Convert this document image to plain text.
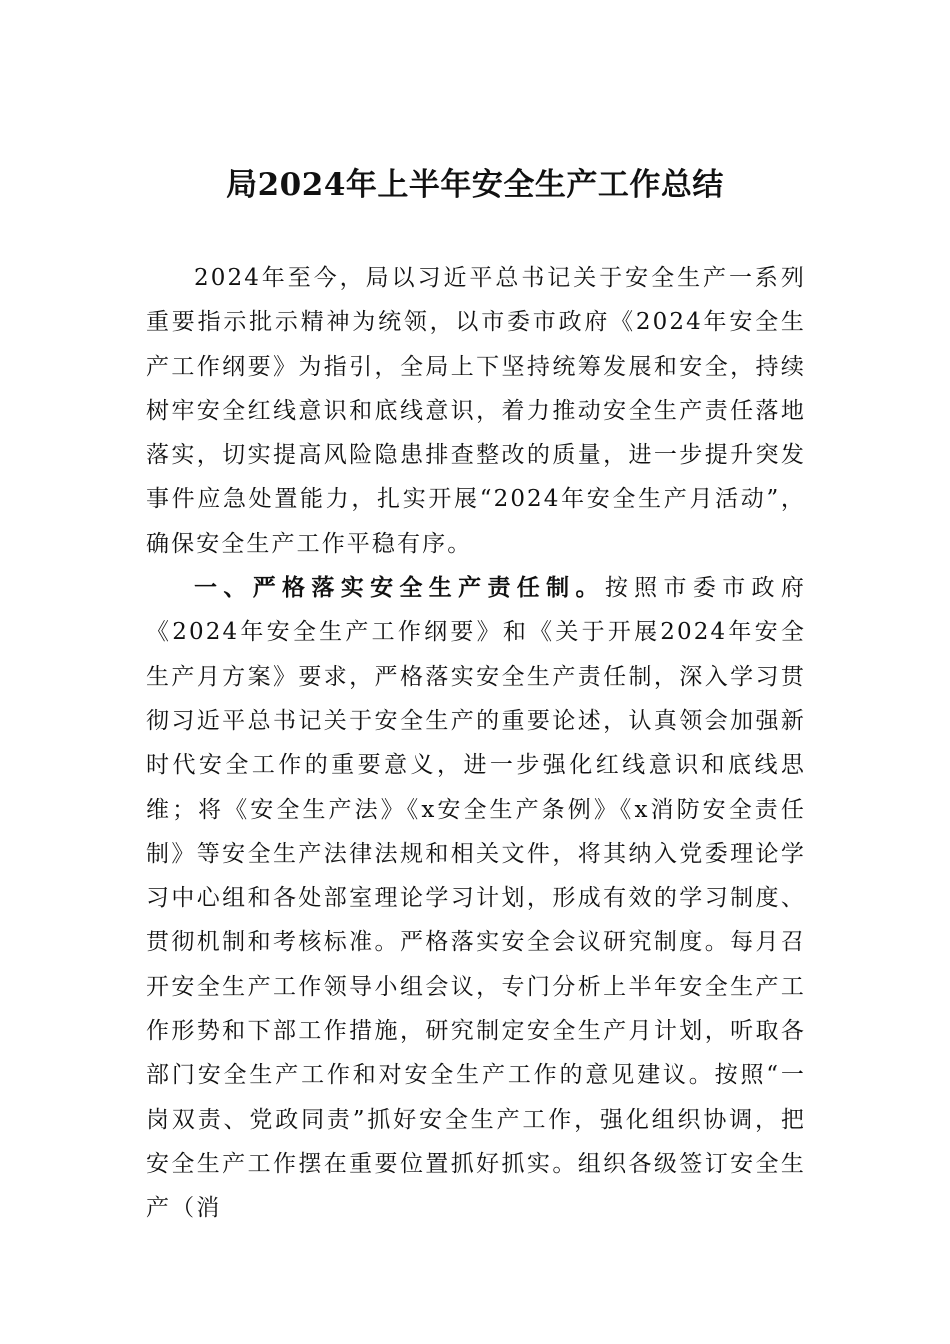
局2024年上半年安全生产工作总结

2024年至今，局以习近平总书记关于安全生产一系列重要指示批示精神为统领，以市委市政府《2024年安全生产工作纲要》为指引，全局上下坚持统筹发展和安全，持续树牢安全红线意识和底线意识，着力推动安全生产责任落地落实，切实提高风险隐患排查整改的质量，进一步提升突发事件应急处置能力，扎实开展“2024年安全生产月活动”，确保安全生产工作平稳有序。

一、严格落实安全生产责任制。按照市委市政府《2024年安全生产工作纲要》和《关于开展2024年安全生产月方案》要求，严格落实安全生产责任制，深入学习贯彻习近平总书记关于安全生产的重要论述，认真领会加强新时代安全工作的重要意义，进一步强化红线意识和底线思维；将《安全生产法》《x安全生产条例》《x消防安全责任制》等安全生产法律法规和相关文件，将其纳入党委理论学习中心组和各处部室理论学习计划，形成有效的学习制度、贯彻机制和考核标准。严格落实安全会议研究制度。每月召开安全生产工作领导小组会议，专门分析上半年安全生产工作形势和下部工作措施，研究制定安全生产月计划，听取各部门安全生产工作和对安全生产工作的意见建议。按照“一岗双责、党政同责”抓好安全生产工作，强化组织协调，把安全生产工作摆在重要位置抓好抓实。组织各级签订安全生产（消
